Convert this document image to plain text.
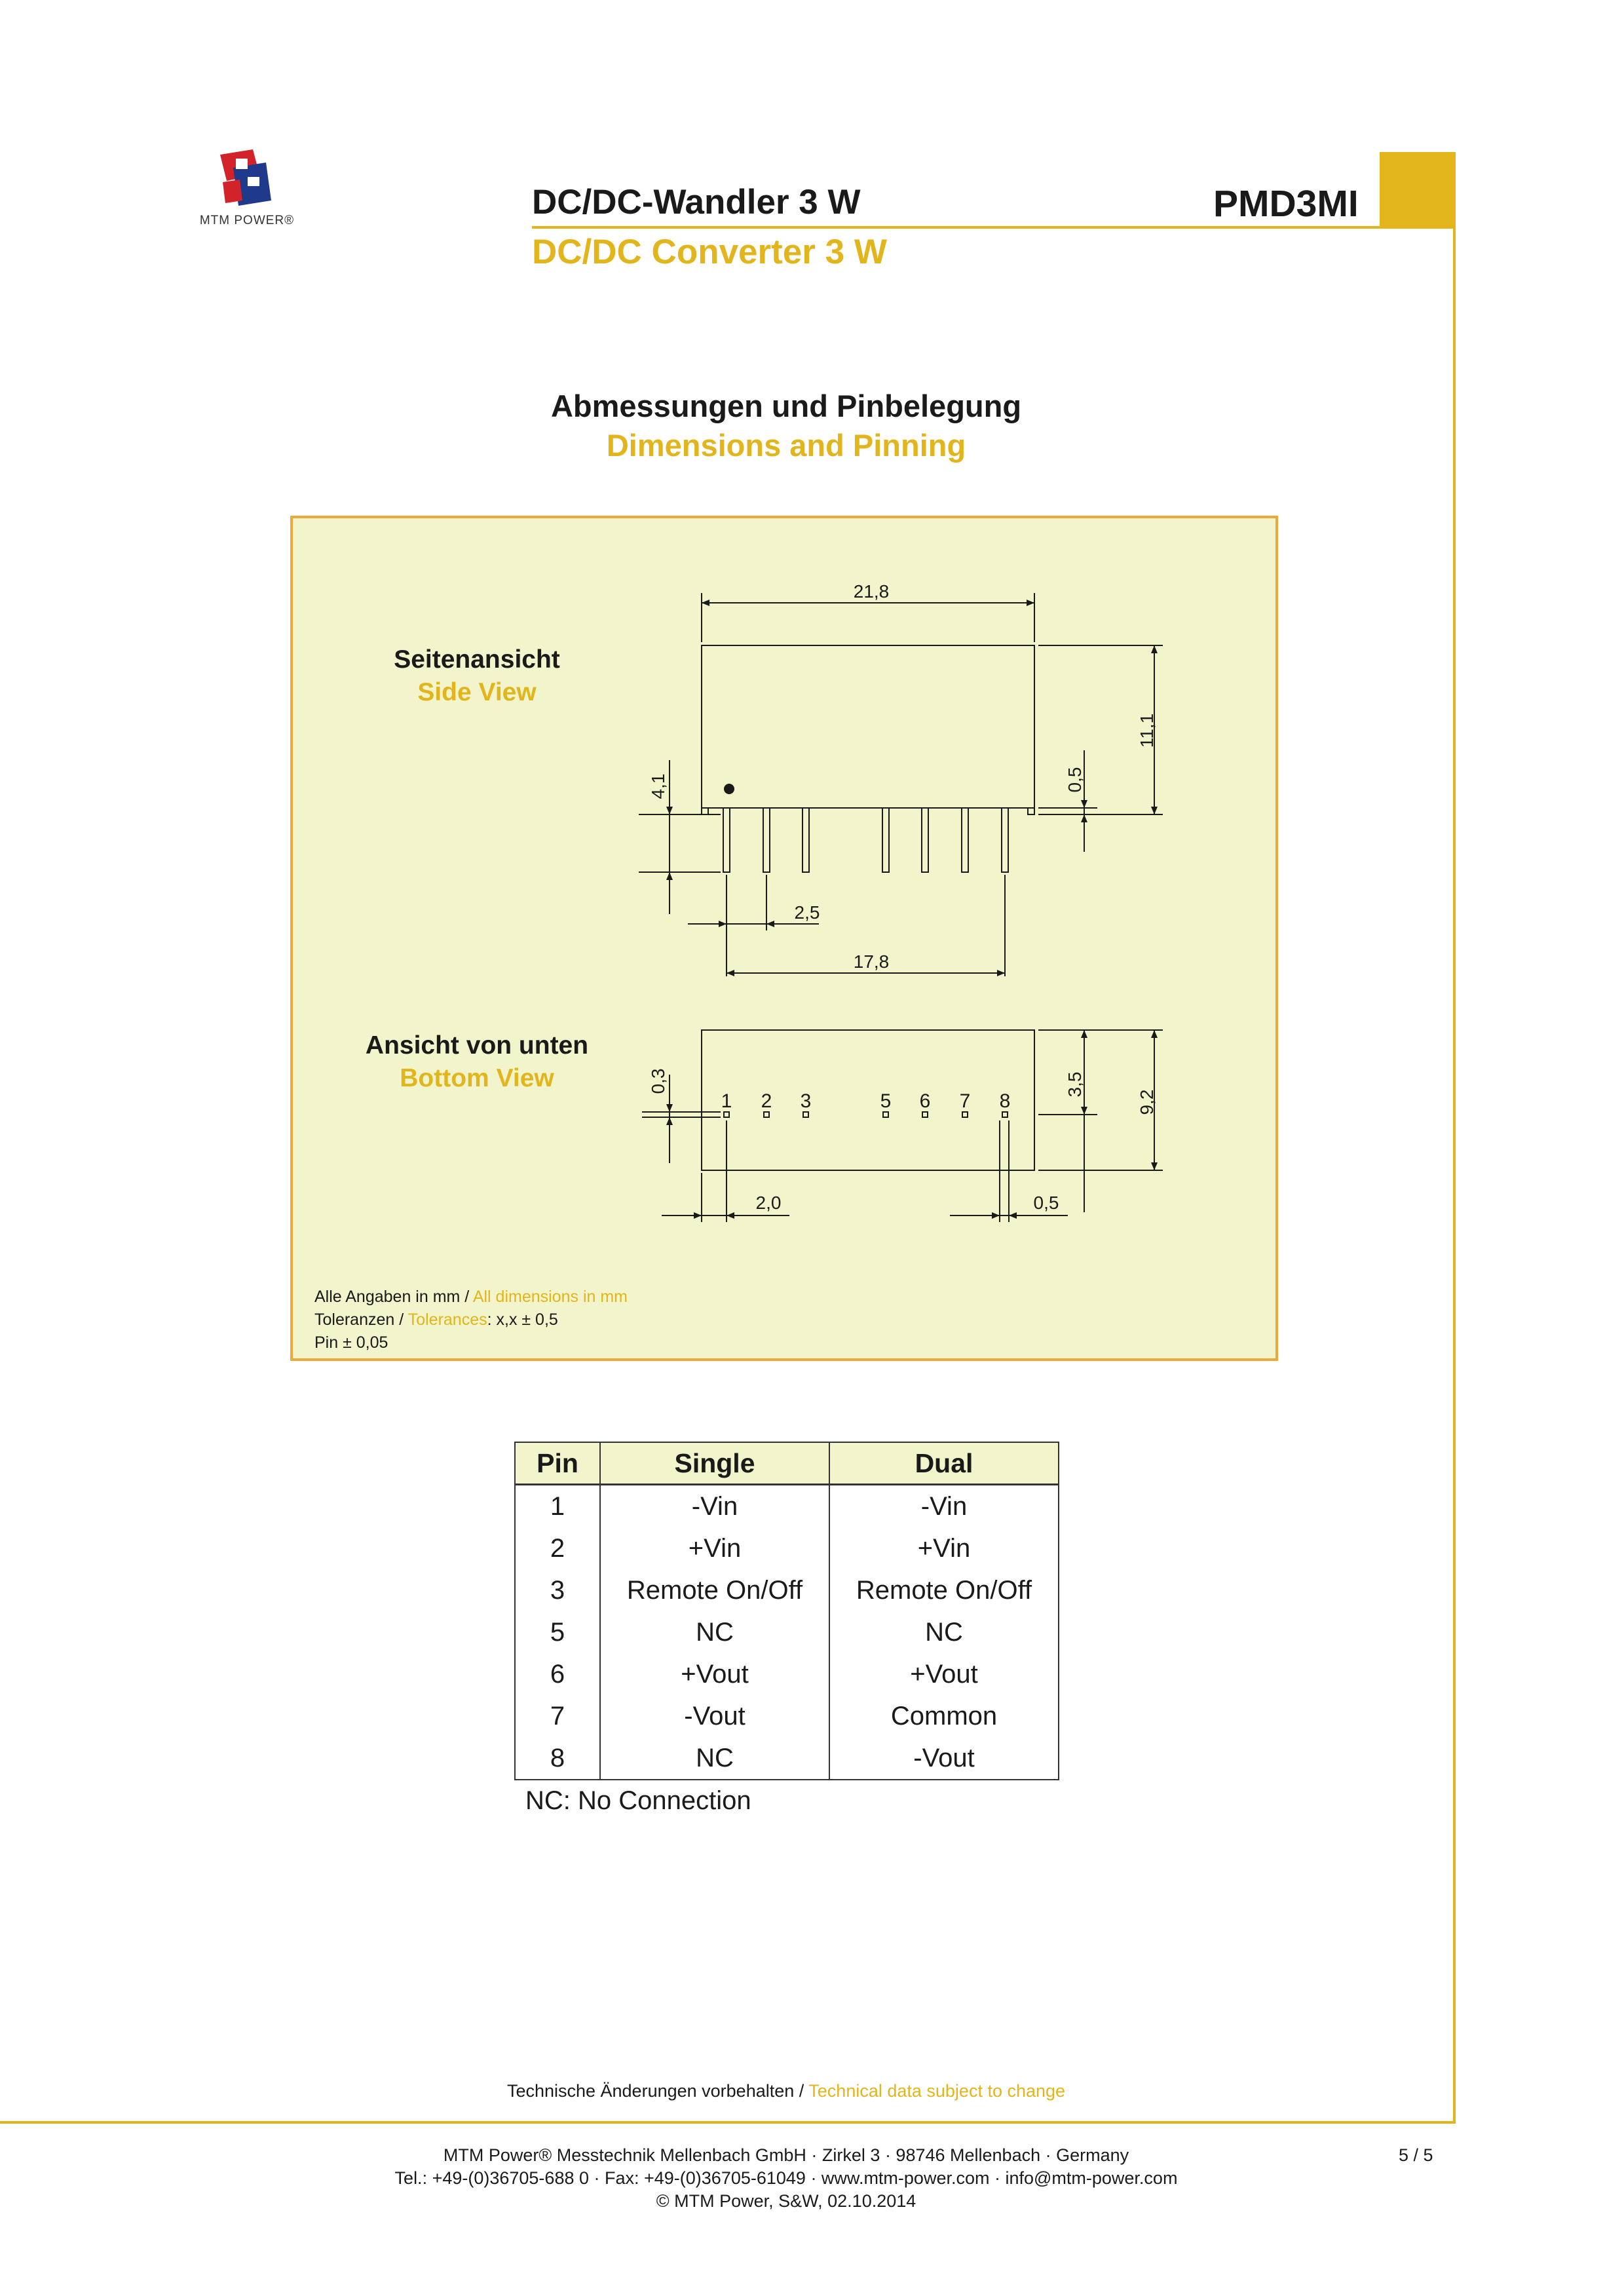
MTM POWER®	DC/DC-Wandler 3 W
DC/DC Converter 3 W
PMD3MI
Abmessungen und Pinbelegung
Dimensions and Pinning
Seitenansicht
Side View
Ansicht von unten
Bottom View
21,8
11,1
0,5
4,1
2,5
17,8
0,3	3,5
9,2
2,0	0,5
1 2 3	5 6 7 8
Alle Angaben in mm / All dimensions in mm
Toleranzen / Tolerances: x,x ± 0,5
Pin ± 0,05
Pin	Single	Dual
1	-Vin	-Vin
2	+Vin	+Vin
3	Remote On/Off	Remote On/Off
5	NC	NC
6	+Vout	+Vout
7	-Vout	Common
8	NC	-Vout
NC: No Connection
Technische Änderungen vorbehalten / Technical data subject to change
MTM Power® Messtechnik Mellenbach GmbH · Zirkel 3 · 98746 Mellenbach · Germany
Tel.: +49-(0)36705-688 0 · Fax: +49-(0)36705-61049 · www.mtm-power.com · info@mtm-power.com
© MTM Power, S&W, 02.10.2014
5 / 5
